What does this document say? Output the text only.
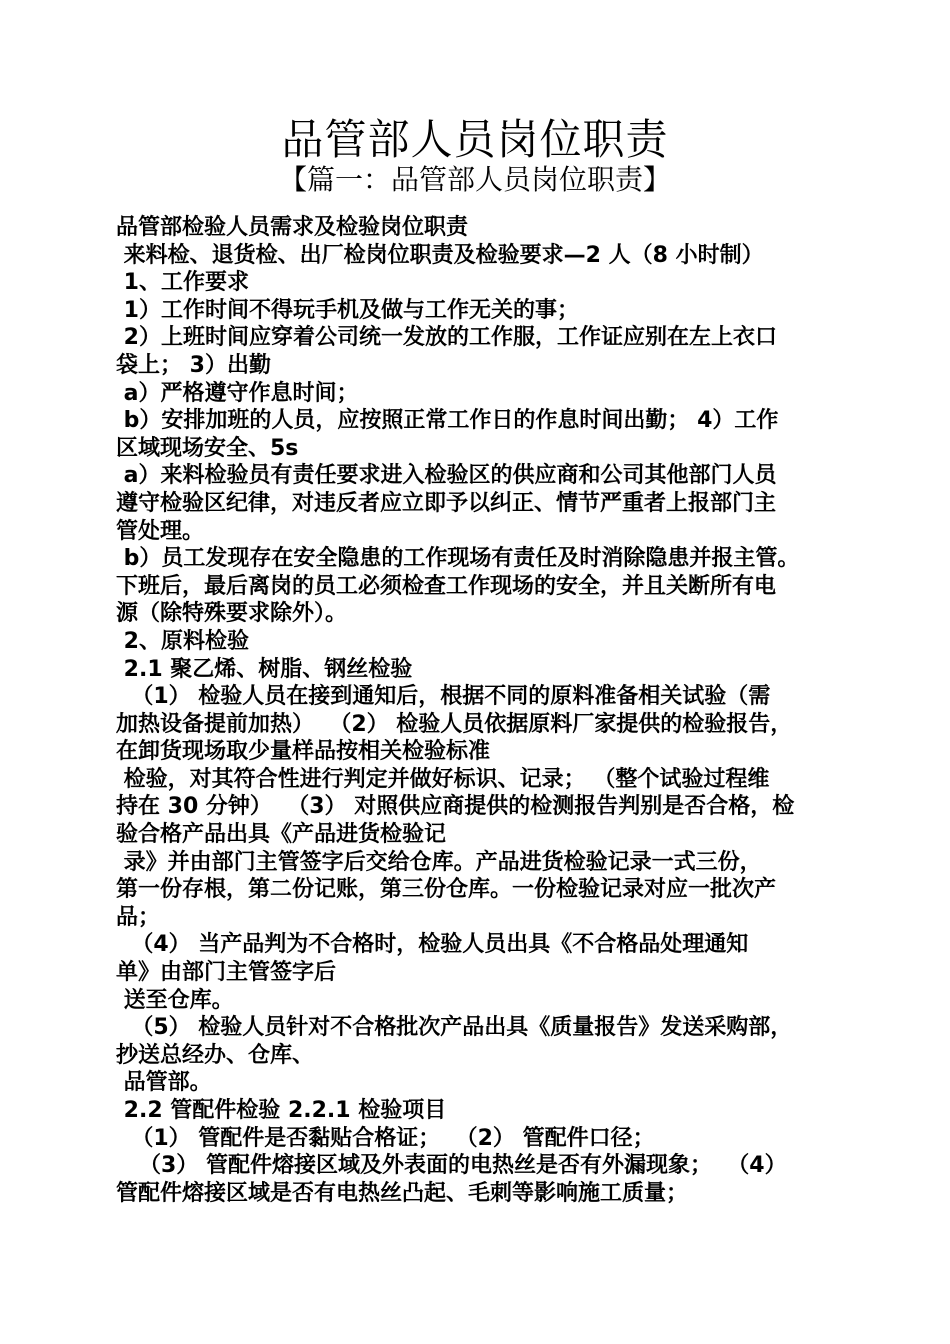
品管部人员岗位职责
【篇一：品管部人员岗位职责】
品管部检验人员需求及检验岗位职责
来料检、退货检、出厂检岗位职责及检验要求—2 人（8 小时制）
1、工作要求
1）工作时间不得玩手机及做与工作无关的事；
2）上班时间应穿着公司统一发放的工作服，工作证应别在左上衣口
袋上； 3）出勤
a）严格遵守作息时间；
b）安排加班的人员，应按照正常工作日的作息时间出勤； 4）工作
区域现场安全、5s
a）来料检验员有责任要求进入检验区的供应商和公司其他部门人员
遵守检验区纪律，对违反者应立即予以纠正、情节严重者上报部门主
管处理。
b）员工发现存在安全隐患的工作现场有责任及时消除隐患并报主管。
下班后，最后离岗的员工必须检查工作现场的安全，并且关断所有电
源（除特殊要求除外）。
2、原料检验
2.1 聚乙烯、树脂、钢丝检验
（1） 检验人员在接到通知后，根据不同的原料准备相关试验（需
加热设备提前加热）  （2） 检验人员依据原料厂家提供的检验报告，
在卸货现场取少量样品按相关检验标准
检验，对其符合性进行判定并做好标识、记录； （整个试验过程维
持在 30 分钟）  （3） 对照供应商提供的检测报告判别是否合格，检
验合格产品出具《产品进货检验记
录》并由部门主管签字后交给仓库。产品进货检验记录一式三份，
第一份存根，第二份记账，第三份仓库。一份检验记录对应一批次产
品；
（4） 当产品判为不合格时，检验人员出具《不合格品处理通知
单》由部门主管签字后
送至仓库。
（5） 检验人员针对不合格批次产品出具《质量报告》发送采购部，
抄送总经办、仓库、
品管部。
2.2 管配件检验 2.2.1 检验项目
（1） 管配件是否黏贴合格证；  （2） 管配件口径；
（3） 管配件熔接区域及外表面的电热丝是否有外漏现象；  （4）
管配件熔接区域是否有电热丝凸起、毛刺等影响施工质量；
